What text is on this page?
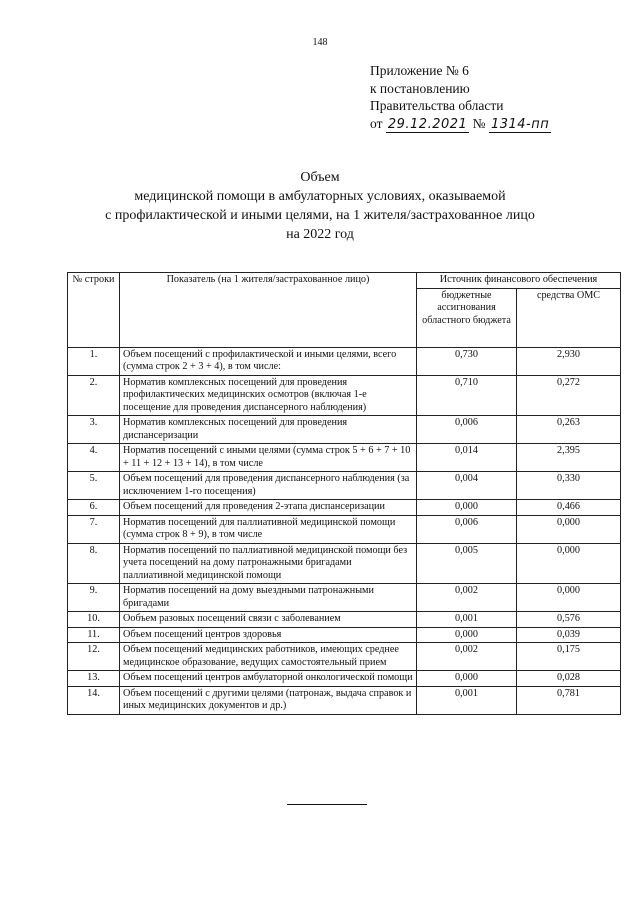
148
Приложение № 6
к постановлению
Правительства области
от 29.12.2021 № 1314-пп
Объем
медицинской помощи в амбулаторных условиях, оказываемой
с профилактической и иными целями, на 1 жителя/застрахованное лицо
на 2022 год
№ строки	Показатель (на 1 жителя/застрахованное лицо)	Источник финансового обеспечения	
		бюджетные ассигнования областного бюджета	средства ОМС
1.	Объем посещений с профилактической и иными целями, всего (сумма строк 2 + 3 + 4), в том числе:	0,730	2,930
2.	Норматив комплексных посещений для проведения профилактических медицинских осмотров (включая 1-е посещение для проведения диспансерного наблюдения)	0,710	0,272
3.	Норматив комплексных посещений для проведения диспансеризации	0,006	0,263
4.	Норматив посещений с иными целями (сумма строк 5 + 6 + 7 + 10 + 11 + 12 + 13 + 14), в том числе	0,014	2,395
5.	Объем посещений для проведения диспансерного наблюдения (за исключением 1-го посещения)	0,004	0,330
6.	Объем посещений для проведения 2-этапа диспансеризации	0,000	0,466
7.	Норматив посещений для паллиативной медицинской помощи (сумма строк 8 + 9), в том числе	0,006	0,000
8.	Норматив посещений по паллиативной медицинской помощи без учета посещений на дому патронажными бригадами паллиативной медицинской помощи	0,005	0,000
9.	Норматив посещений на дому выездными патронажными бригадами	0,002	0,000
10.	Ообъем разовых посещений связи с заболеванием	0,001	0,576
11.	Объем посещений центров здоровья	0,000	0,039
12.	Объем посещений медицинских работников, имеющих среднее медицинское образование, ведущих самостоятельный прием	0,002	0,175
13.	Объем посещений центров амбулаторной онкологической помощи	0,000	0,028
14.	Объем посещений с другими целями (патронаж, выдача справок и иных медицинских документов и др.)	0,001	0,781
